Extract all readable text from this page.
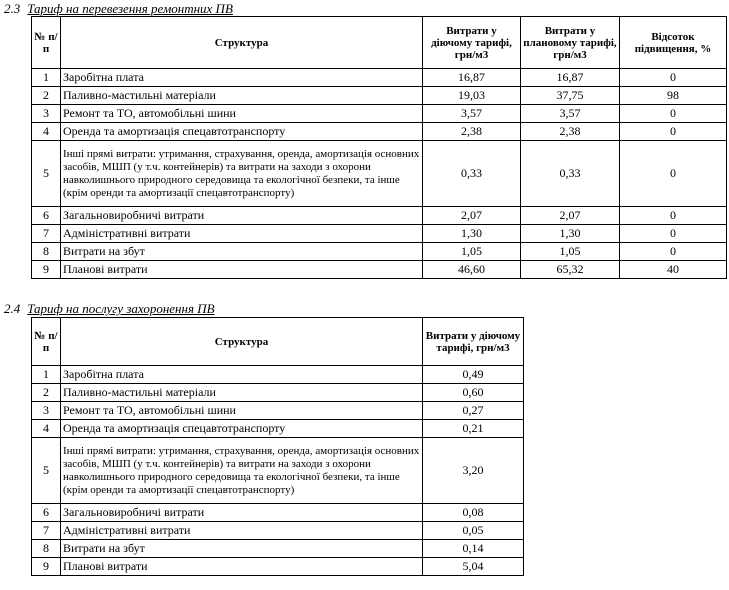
2.3 Тариф на перевезення ремонтних ПВ
№ п/п	Структура	Витрати у діючому тарифі, грн/м3	Витрати у плановому тарифі, грн/м3	Відсоток підвищення, %
1	Заробітна плата	16,87	16,87	0
2	Паливно-мастильні матеріали	19,03	37,75	98
3	Ремонт та ТО, автомобільні шини	3,57	3,57	0
4	Оренда та амортизація спецавтотранспорту	2,38	2,38	0
5	Інші прямі витрати: утримання, страхування, оренда, амортизація основних засобів, МШП (у т.ч. контейнерів) та витрати на заходи з охорони навколишнього природного середовища та екологічної безпеки, та інше (крім оренди та амортизації спецавтотранспорту)	0,33	0,33	0
6	Загальновиробничі витрати	2,07	2,07	0
7	Адміністративні витрати	1,30	1,30	0
8	Витрати на збут	1,05	1,05	0
9	Планові витрати	46,60	65,32	40
2.4 Тариф на послугу захоронення ПВ
№ п/п	Структура	Витрати у діючому тарифі, грн/м3
1	Заробітна плата	0,49
2	Паливно-мастильні матеріали	0,60
3	Ремонт та ТО, автомобільні шини	0,27
4	Оренда та амортизація спецавтотранспорту	0,21
5	Інші прямі витрати: утримання, страхування, оренда, амортизація основних засобів, МШП (у т.ч. контейнерів) та витрати на заходи з охорони навколишнього природного середовища та екологічної безпеки, та інше (крім оренди та амортизації спецавтотранспорту)	3,20
6	Загальновиробничі витрати	0,08
7	Адміністративні витрати	0,05
8	Витрати на збут	0,14
9	Планові витрати	5,04
